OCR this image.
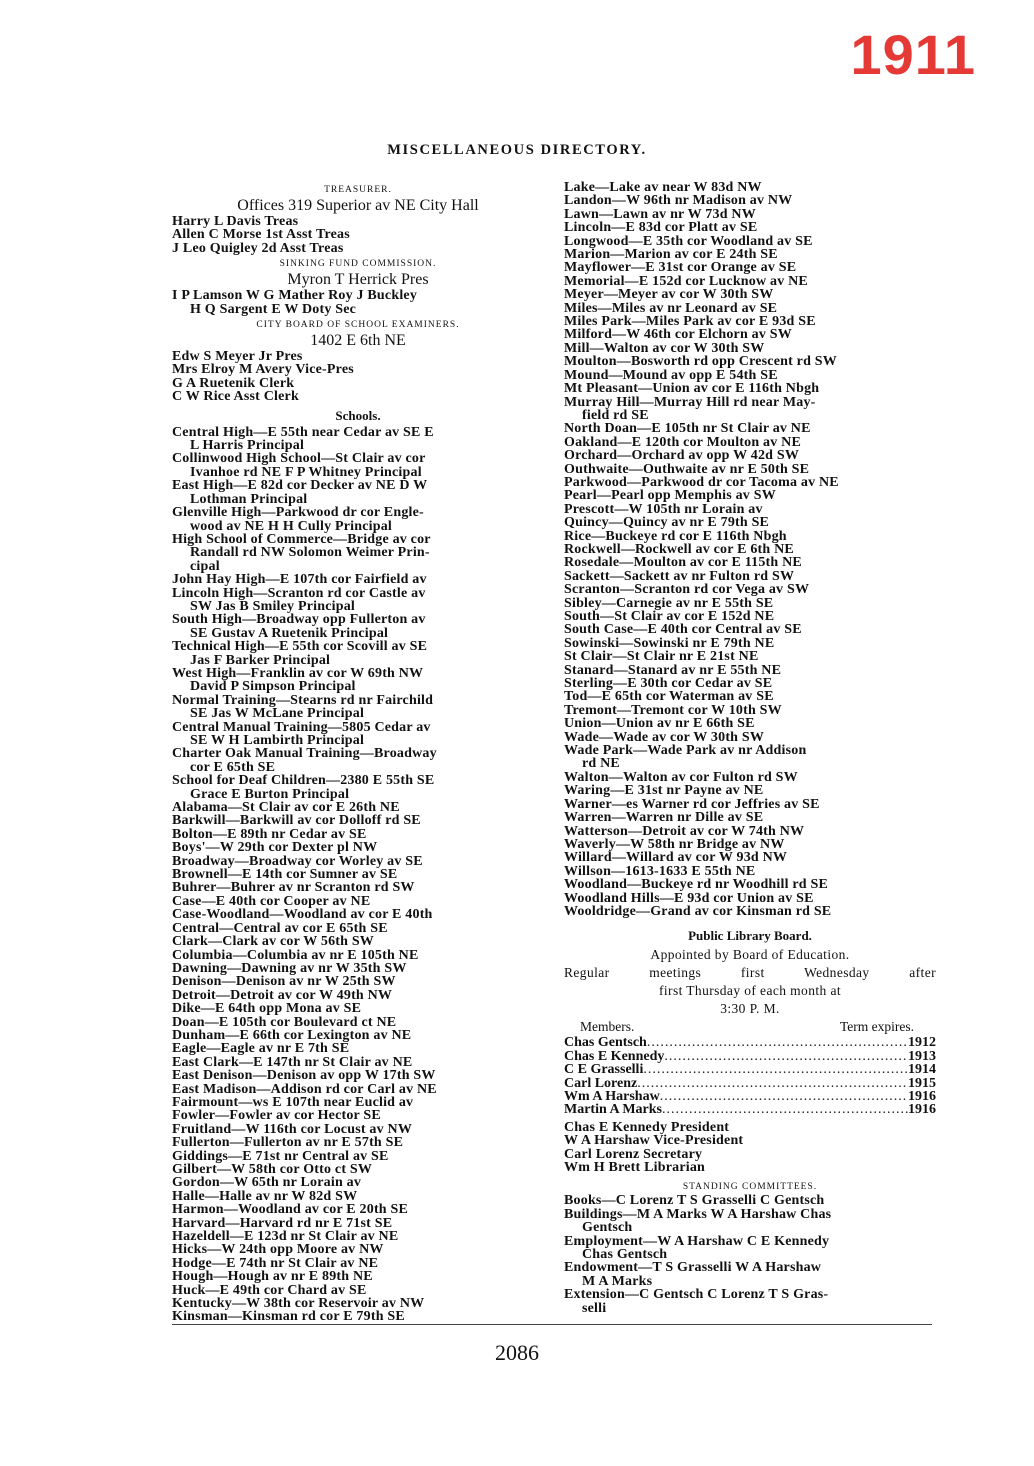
1911
MISCELLANEOUS DIRECTORY.
TREASURER.
Offices 319 Superior av NE City Hall
Harry L Davis Treas
Allen C Morse 1st Asst Treas
J Leo Quigley 2d Asst Treas
SINKING FUND COMMISSION.
Myron T Herrick Pres
I P Lamson W G Mather Roy J Buckley
H Q Sargent E W Doty Sec
CITY BOARD OF SCHOOL EXAMINERS.
1402 E 6th NE
Edw S Meyer Jr Pres
Mrs Elroy M Avery Vice-Pres
G A Ruetenik Clerk
C W Rice Asst Clerk
Schools.
Central High—E 55th near Cedar av SE E
L Harris Principal
Collinwood High School—St Clair av cor
Ivanhoe rd NE F P Whitney Principal
East High—E 82d cor Decker av NE D W
Lothman Principal
Glenville High—Parkwood dr cor Engle-
wood av NE H H Cully Principal
High School of Commerce—Bridge av cor
Randall rd NW Solomon Weimer Prin-
cipal
John Hay High—E 107th cor Fairfield av
Lincoln High—Scranton rd cor Castle av
SW Jas B Smiley Principal
South High—Broadway opp Fullerton av
SE Gustav A Ruetenik Principal
Technical High—E 55th cor Scovill av SE
Jas F Barker Principal
West High—Franklin av cor W 69th NW
David P Simpson Principal
Normal Training—Stearns rd nr Fairchild
SE Jas W McLane Principal
Central Manual Training—5805 Cedar av
SE W H Lambirth Principal
Charter Oak Manual Training—Broadway
cor E 65th SE
School for Deaf Children—2380 E 55th SE
Grace E Burton Principal
Alabama—St Clair av cor E 26th NE
Barkwill—Barkwill av cor Dolloff rd SE
Bolton—E 89th nr Cedar av SE
Boys'—W 29th cor Dexter pl NW
Broadway—Broadway cor Worley av SE
Brownell—E 14th cor Sumner av SE
Buhrer—Buhrer av nr Scranton rd SW
Case—E 40th cor Cooper av NE
Case-Woodland—Woodland av cor E 40th
Central—Central av cor E 65th SE
Clark—Clark av cor W 56th SW
Columbia—Columbia av nr E 105th NE
Dawning—Dawning av nr W 35th SW
Denison—Denison av nr W 25th SW
Detroit—Detroit av cor W 49th NW
Dike—E 64th opp Mona av SE
Doan—E 105th cor Boulevard ct NE
Dunham—E 66th cor Lexington av NE
Eagle—Eagle av nr E 7th SE
East Clark—E 147th nr St Clair av NE
East Denison—Denison av opp W 17th SW
East Madison—Addison rd cor Carl av NE
Fairmount—ws E 107th near Euclid av
Fowler—Fowler av cor Hector SE
Fruitland—W 116th cor Locust av NW
Fullerton—Fullerton av nr E 57th SE
Giddings—E 71st nr Central av SE
Gilbert—W 58th cor Otto ct SW
Gordon—W 65th nr Lorain av
Halle—Halle av nr W 82d SW
Harmon—Woodland av cor E 20th SE
Harvard—Harvard rd nr E 71st SE
Hazeldell—E 123d nr St Clair av NE
Hicks—W 24th opp Moore av NW
Hodge—E 74th nr St Clair av NE
Hough—Hough av nr E 89th NE
Huck—E 49th cor Chard av SE
Kentucky—W 38th cor Reservoir av NW
Kinsman—Kinsman rd cor E 79th SE
Lake—Lake av near W 83d NW
Landon—W 96th nr Madison av NW
Lawn—Lawn av nr W 73d NW
Lincoln—E 83d cor Platt av SE
Longwood—E 35th cor Woodland av SE
Marion—Marion av cor E 24th SE
Mayflower—E 31st cor Orange av SE
Memorial—E 152d cor Lucknow av NE
Meyer—Meyer av cor W 30th SW
Miles—Miles av nr Leonard av SE
Miles Park—Miles Park av cor E 93d SE
Milford—W 46th cor Elchorn av SW
Mill—Walton av cor W 30th SW
Moulton—Bosworth rd opp Crescent rd SW
Mound—Mound av opp E 54th SE
Mt Pleasant—Union av cor E 116th Nbgh
Murray Hill—Murray Hill rd near May-
field rd SE
North Doan—E 105th nr St Clair av NE
Oakland—E 120th cor Moulton av NE
Orchard—Orchard av opp W 42d SW
Outhwaite—Outhwaite av nr E 50th SE
Parkwood—Parkwood dr cor Tacoma av NE
Pearl—Pearl opp Memphis av SW
Prescott—W 105th nr Lorain av
Quincy—Quincy av nr E 79th SE
Rice—Buckeye rd cor E 116th Nbgh
Rockwell—Rockwell av cor E 6th NE
Rosedale—Moulton av cor E 115th NE
Sackett—Sackett av nr Fulton rd SW
Scranton—Scranton rd cor Vega av SW
Sibley—Carnegie av nr E 55th SE
South—St Clair av cor E 152d NE
South Case—E 40th cor Central av SE
Sowinski—Sowinski nr E 79th NE
St Clair—St Clair nr E 21st NE
Stanard—Stanard av nr E 55th NE
Sterling—E 30th cor Cedar av SE
Tod—E 65th cor Waterman av SE
Tremont—Tremont cor W 10th SW
Union—Union av nr E 66th SE
Wade—Wade av cor W 30th SW
Wade Park—Wade Park av nr Addison
rd NE
Walton—Walton av cor Fulton rd SW
Waring—E 31st nr Payne av NE
Warner—es Warner rd cor Jeffries av SE
Warren—Warren nr Dille av SE
Watterson—Detroit av cor W 74th NW
Waverly—W 58th nr Bridge av NW
Willard—Willard av cor W 93d NW
Willson—1613-1633 E 55th NE
Woodland—Buckeye rd nr Woodhill rd SE
Woodland Hills—E 93d cor Union av SE
Wooldridge—Grand av cor Kinsman rd SE
Public Library Board.
Appointed by Board of Education.
Regular meetings first Wednesday after
first Thursday of each month at
3:30 P. M.
Members.	Term expires.
Chas Gentsch .....	1912
Chas E Kennedy .....	1913
C E Grasselli .....	1914
Carl Lorenz .....	1915
Wm A Harshaw .....	1916
Martin A Marks .....	1916
Chas E Kennedy President
W A Harshaw Vice-President
Carl Lorenz Secretary
Wm H Brett Librarian
STANDING COMMITTEES.
Books—C Lorenz T S Grasselli C Gentsch
Buildings—M A Marks W A Harshaw Chas
Gentsch
Employment—W A Harshaw C E Kennedy
Chas Gentsch
Endowment—T S Grasselli W A Harshaw
M A Marks
Extension—C Gentsch C Lorenz T S Gras-
selli
2086
